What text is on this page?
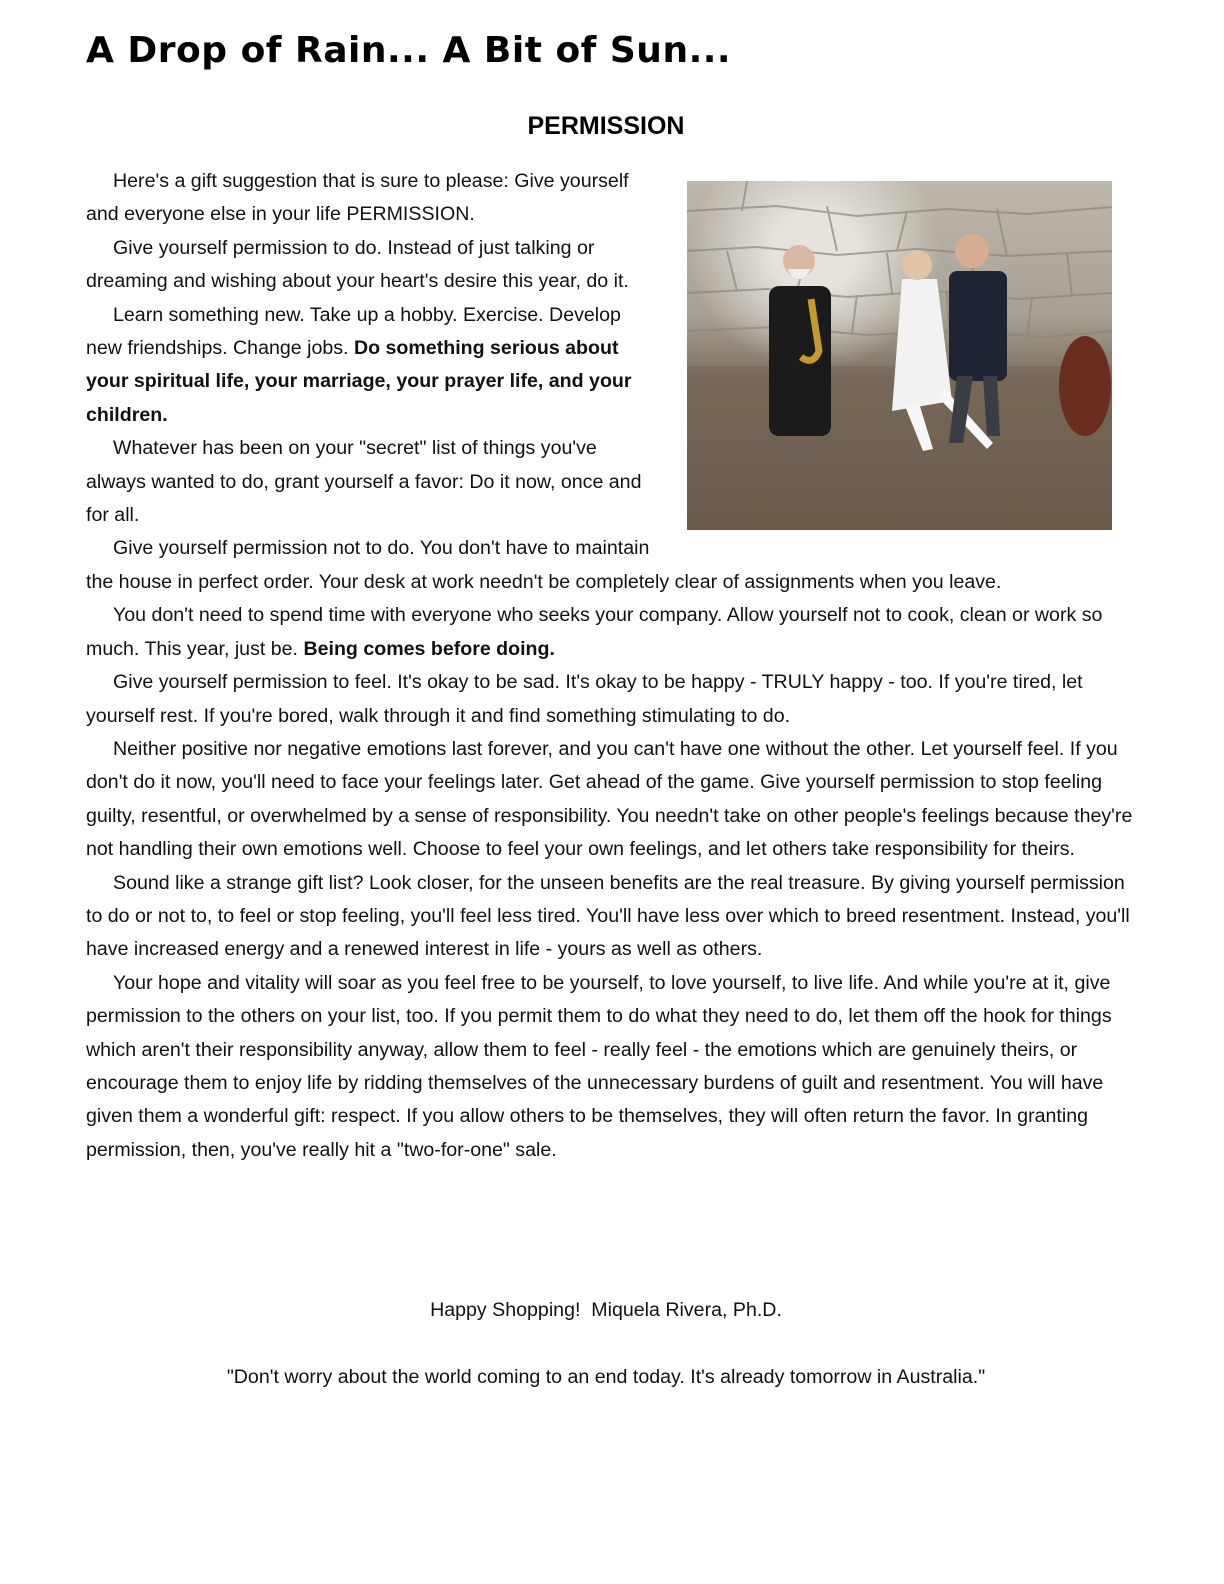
A Drop of Rain... A Bit of Sun...
PERMISSION

Here's a gift suggestion that is sure to please: Give yourself and everyone else in your life PERMISSION.

Give yourself permission to do. Instead of just talking or dreaming and wishing about your heart's desire this year, do it.

Learn something new. Take up a hobby. Exercise. Develop new friendships. Change jobs. Do something serious about your spiritual life, your marriage, your prayer life, and your children.

Whatever has been on your "secret" list of things you've always wanted to do, grant yourself a favor: Do it now, once and for all.

Give yourself permission not to do. You don't have to maintain the house in perfect order. Your desk at work needn't be completely clear of assignments when you leave.

You don't need to spend time with everyone who seeks your company. Allow yourself not to cook, clean or work so much. This year, just be. Being comes before doing.

Give yourself permission to feel. It's okay to be sad. It's okay to be happy - TRULY happy - too. If you're tired, let yourself rest. If you're bored, walk through it and find something stimulating to do.

Neither positive nor negative emotions last forever, and you can't have one without the other. Let yourself feel. If you don't do it now, you'll need to face your feelings later. Get ahead of the game. Give yourself permission to stop feeling guilty, resentful, or overwhelmed by a sense of responsibility. You needn't take on other people's feelings because they're not handling their own emotions well. Choose to feel your own feelings, and let others take responsibility for theirs.

Sound like a strange gift list? Look closer, for the unseen benefits are the real treasure. By giving yourself permission to do or not to, to feel or stop feeling, you'll feel less tired. You'll have less over which to breed resentment. Instead, you'll have increased energy and a renewed interest in life - yours as well as others.

Your hope and vitality will soar as you feel free to be yourself, to love yourself, to live life. And while you're at it, give permission to the others on your list, too. If you permit them to do what they need to do, let them off the hook for things which aren't their responsibility anyway, allow them to feel - really feel - the emotions which are genuinely theirs, or encourage them to enjoy life by ridding themselves of the unnecessary burdens of guilt and resentment. You will have given them a wonderful gift: respect. If you allow others to be themselves, they will often return the favor. In granting permission, then, you've really hit a "two-for-one" sale.

Happy Shopping!  Miquela Rivera, Ph.D.
"Don't worry about the world coming to an end today. It's already tomorrow in Australia."
